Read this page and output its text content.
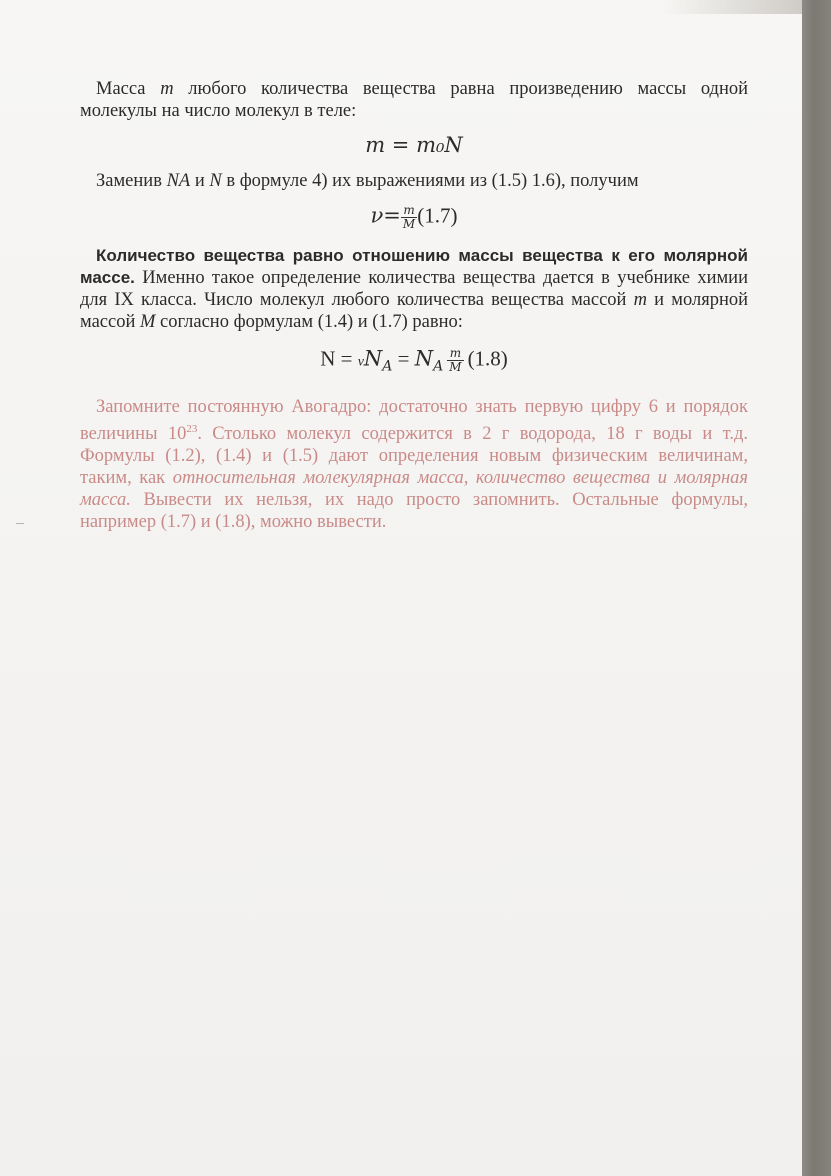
Масса m любого количества вещества равна произведению массы одной молекулы на число молекул в теле:

m = m₀N

Заменив NA и N в формуле 4) их выражениями из (1.5) 1.6), получим

$\nu= \frac{m}{M} (1.7)$

Количество вещества равно отношению массы вещества к его молярной массе. Именно такое определение количества вещества дается в учебнике химии для IX класса. Число молекул любого количества вещества массой m и молярной массой M согласно формулам (1.4) и (1.7) равно:

$N = \nu N_A = N_A \frac{m}{M} (1.8)$

Запомните постоянную Авогадро: достаточно знать первую цифру 6 и порядок величины $10^{23}$. Столько молекул содержится в 2 г водорода, 18 г воды и т.д. Формулы (1.2), (1.4) и (1.5) дают определения новым физическим величинам, таким, как относительная молекулярная масса, количество вещества и молярная масса. Вывести их нельзя, их надо просто запомнить. Остальные формулы, например (1.7) и (1.8), можно вывести.
